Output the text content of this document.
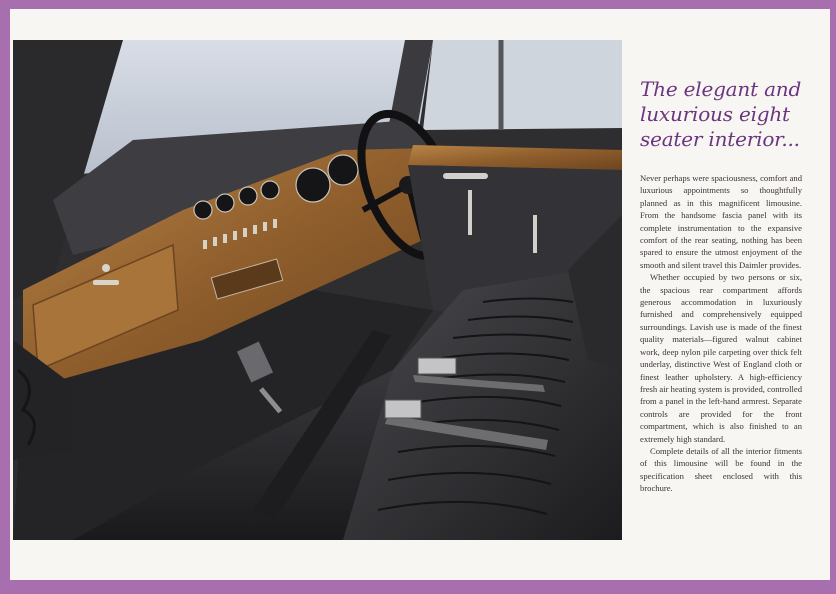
The elegant and
luxurious eight
seater interior...

Never perhaps were spaciousness, comfort and luxurious appointments so thoughtfully planned as in this magnificent limousine. From the handsome fascia panel with its complete instrumentation to the expansive comfort of the rear seating, nothing has been spared to ensure the utmost enjoyment of the smooth and silent travel this Daimler provides.

Whether occupied by two persons or six, the spacious rear compartment affords generous accommodation in luxuriously furnished and comprehensively equipped surroundings. Lavish use is made of the finest quality materials—figured walnut cabinet work, deep nylon pile carpeting over thick felt underlay, distinctive West of England cloth or finest leather upholstery. A high-efficiency fresh air heating system is provided, controlled from a panel in the left-hand armrest. Separate controls are provided for the front compartment, which is also finished to an extremely high standard.

Complete details of all the interior fitments of this limousine will be found in the specification sheet enclosed with this brochure.
